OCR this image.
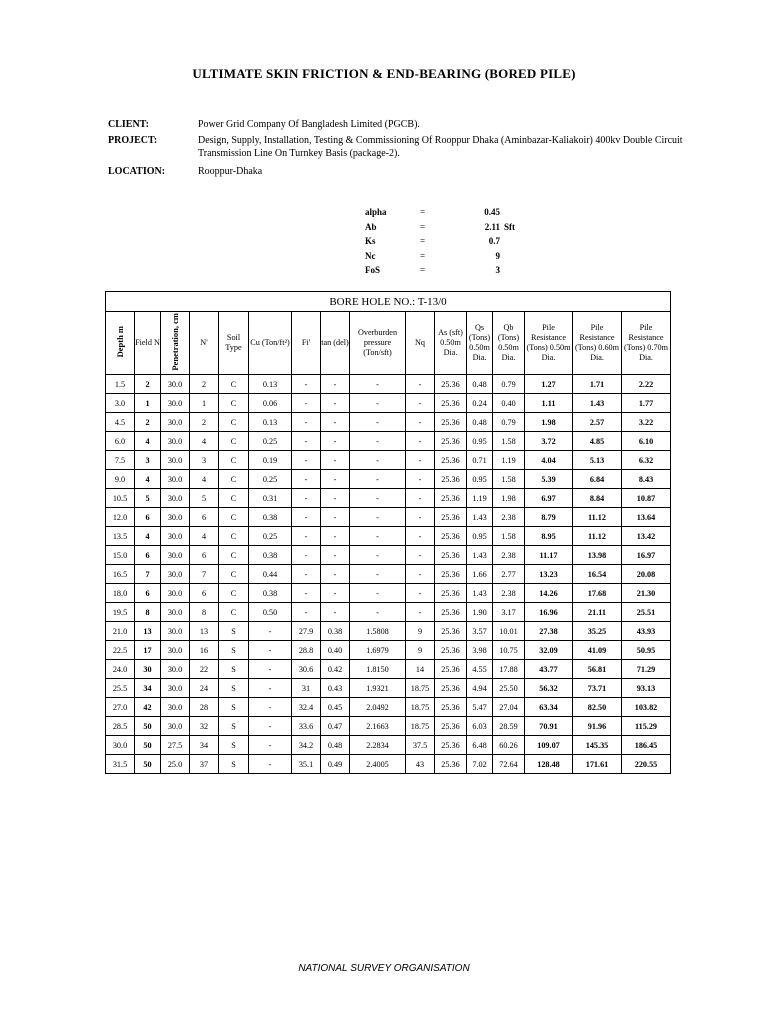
ULTIMATE SKIN FRICTION & END-BEARING (BORED PILE)
CLIENT:	Power Grid Company Of Bangladesh Limited (PGCB).
PROJECT:	Design, Supply, Installation, Testing & Commissioning Of Rooppur Dhaka (Aminbazar-Kaliakoir) 400kv Double Circuit Transmission Line On Turnkey Basis (package-2).
LOCATION:	Rooppur-Dhaka
alpha	=	0.45
Ab	=	2.11 Sft
Ks	=	0.7
Nc	=	9
FoS	=	3
BORE HOLE NO.: T-13/0															
Depth m	Field N	Penetration, cm	N'	Soil Type	Cu (Ton/ft²)	Fi'	tan (del)	Overburden pressure (Ton/sft)	Nq	As (sft) 0.50m Dia.	Qs (Tons) 0.50m Dia.	Qb (Tons) 0.50m Dia.	Pile Resistance (Tons) 0.50m Dia.	Pile Resistance (Tons) 0.60m Dia.	Pile Resistance (Tons) 0.70m Dia.
1.5	2	30.0	2	C	0.13	-	-	-	-	25.36	0.48	0.79	1.27	1.71	2.22
3.0	1	30.0	1	C	0.06	-	-	-	-	25.36	0.24	0.40	1.11	1.43	1.77
4.5	2	30.0	2	C	0.13	-	-	-	-	25.36	0.48	0.79	1.98	2.57	3.22
6.0	4	30.0	4	C	0.25	-	-	-	-	25.36	0.95	1.58	3.72	4.85	6.10
7.5	3	30.0	3	C	0.19	-	-	-	-	25.36	0.71	1.19	4.04	5.13	6.32
9.0	4	30.0	4	C	0.25	-	-	-	-	25.36	0.95	1.58	5.39	6.84	8.43
10.5	5	30.0	5	C	0.31	-	-	-	-	25.36	1.19	1.98	6.97	8.84	10.87
12.0	6	30.0	6	C	0.38	-	-	-	-	25.36	1.43	2.38	8.79	11.12	13.64
13.5	4	30.0	4	C	0.25	-	-	-	-	25.36	0.95	1.58	8.95	11.12	13.42
15.0	6	30.0	6	C	0.38	-	-	-	-	25.36	1.43	2.38	11.17	13.98	16.97
16.5	7	30.0	7	C	0.44	-	-	-	-	25.36	1.66	2.77	13.23	16.54	20.08
18.0	6	30.0	6	C	0.38	-	-	-	-	25.36	1.43	2.38	14.26	17.68	21.30
19.5	8	30.0	8	C	0.50	-	-	-	-	25.36	1.90	3.17	16.96	21.11	25.51
21.0	13	30.0	13	S	-	27.9	0.38	1.5808	9	25.36	3.57	10.01	27.38	35.25	43.93
22.5	17	30.0	16	S	-	28.8	0.40	1.6979	9	25.36	3.98	10.75	32.09	41.09	50.95
24.0	30	30.0	22	S	-	30.6	0.42	1.8150	14	25.36	4.55	17.88	43.77	56.81	71.29
25.5	34	30.0	24	S	-	31	0.43	1.9321	18.75	25.36	4.94	25.50	56.32	73.71	93.13
27.0	42	30.0	28	S	-	32.4	0.45	2.0492	18.75	25.36	5.47	27.04	63.34	82.50	103.82
28.5	50	30.0	32	S	-	33.6	0.47	2.1663	18.75	25.36	6.03	28.59	70.91	91.96	115.29
30.0	50	27.5	34	S	-	34.2	0.48	2.2834	37.5	25.36	6.48	60.26	109.07	145.35	186.45
31.5	50	25.0	37	S	-	35.1	0.49	2.4005	43	25.36	7.02	72.64	128.48	171.61	220.55
NATIONAL SURVEY ORGANISATION
